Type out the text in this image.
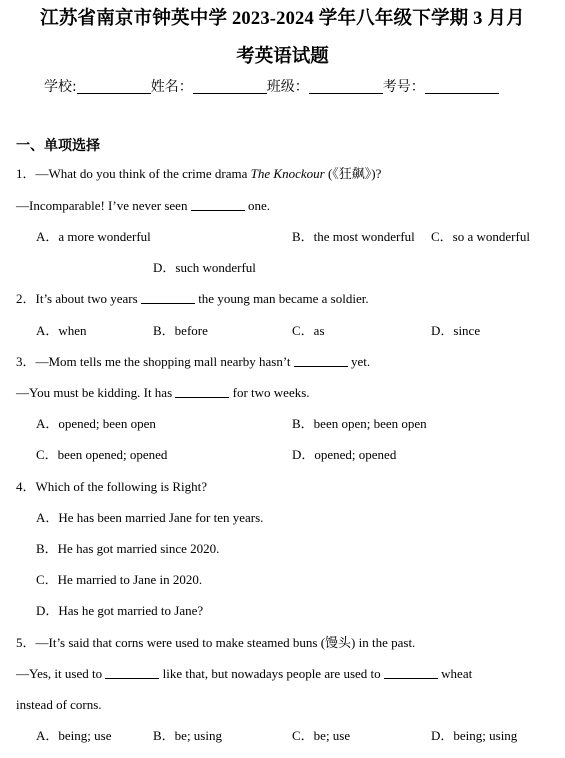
江苏省南京市钟英中学 2023-2024 学年八年级下学期 3 月月
考英语试题
学校:	姓名：	班级：	考号：
一、单项选择
1．—What do you think of the crime drama The Knockour (《狂飙》)?
—Incomparable! I’ve never seen	one.
A．a more wonderful	B．the most wonderful C．so a wonderful
D．such wonderful
2．It’s about two years	the young man became a soldier.
A．when	B．before	C．as	D．since
3．—Mom tells me the shopping mall nearby hasn’t	yet.
—You must be kidding. It has	for two weeks.
A．opened; been open	B．been open; been open
C．been opened; opened	D．opened; opened
4．Which of the following is Right?
A．He has been married Jane for ten years.
B．He has got married since 2020.
C．He married to Jane in 2020.
D．Has he got married to Jane?
5．—It’s said that corns were used to make steamed buns (馒头) in the past.
—Yes, it used to	like that, but nowadays people are used to	wheat
instead of corns.
A．being; use	B．be; using	C．be; use	D．being; using
